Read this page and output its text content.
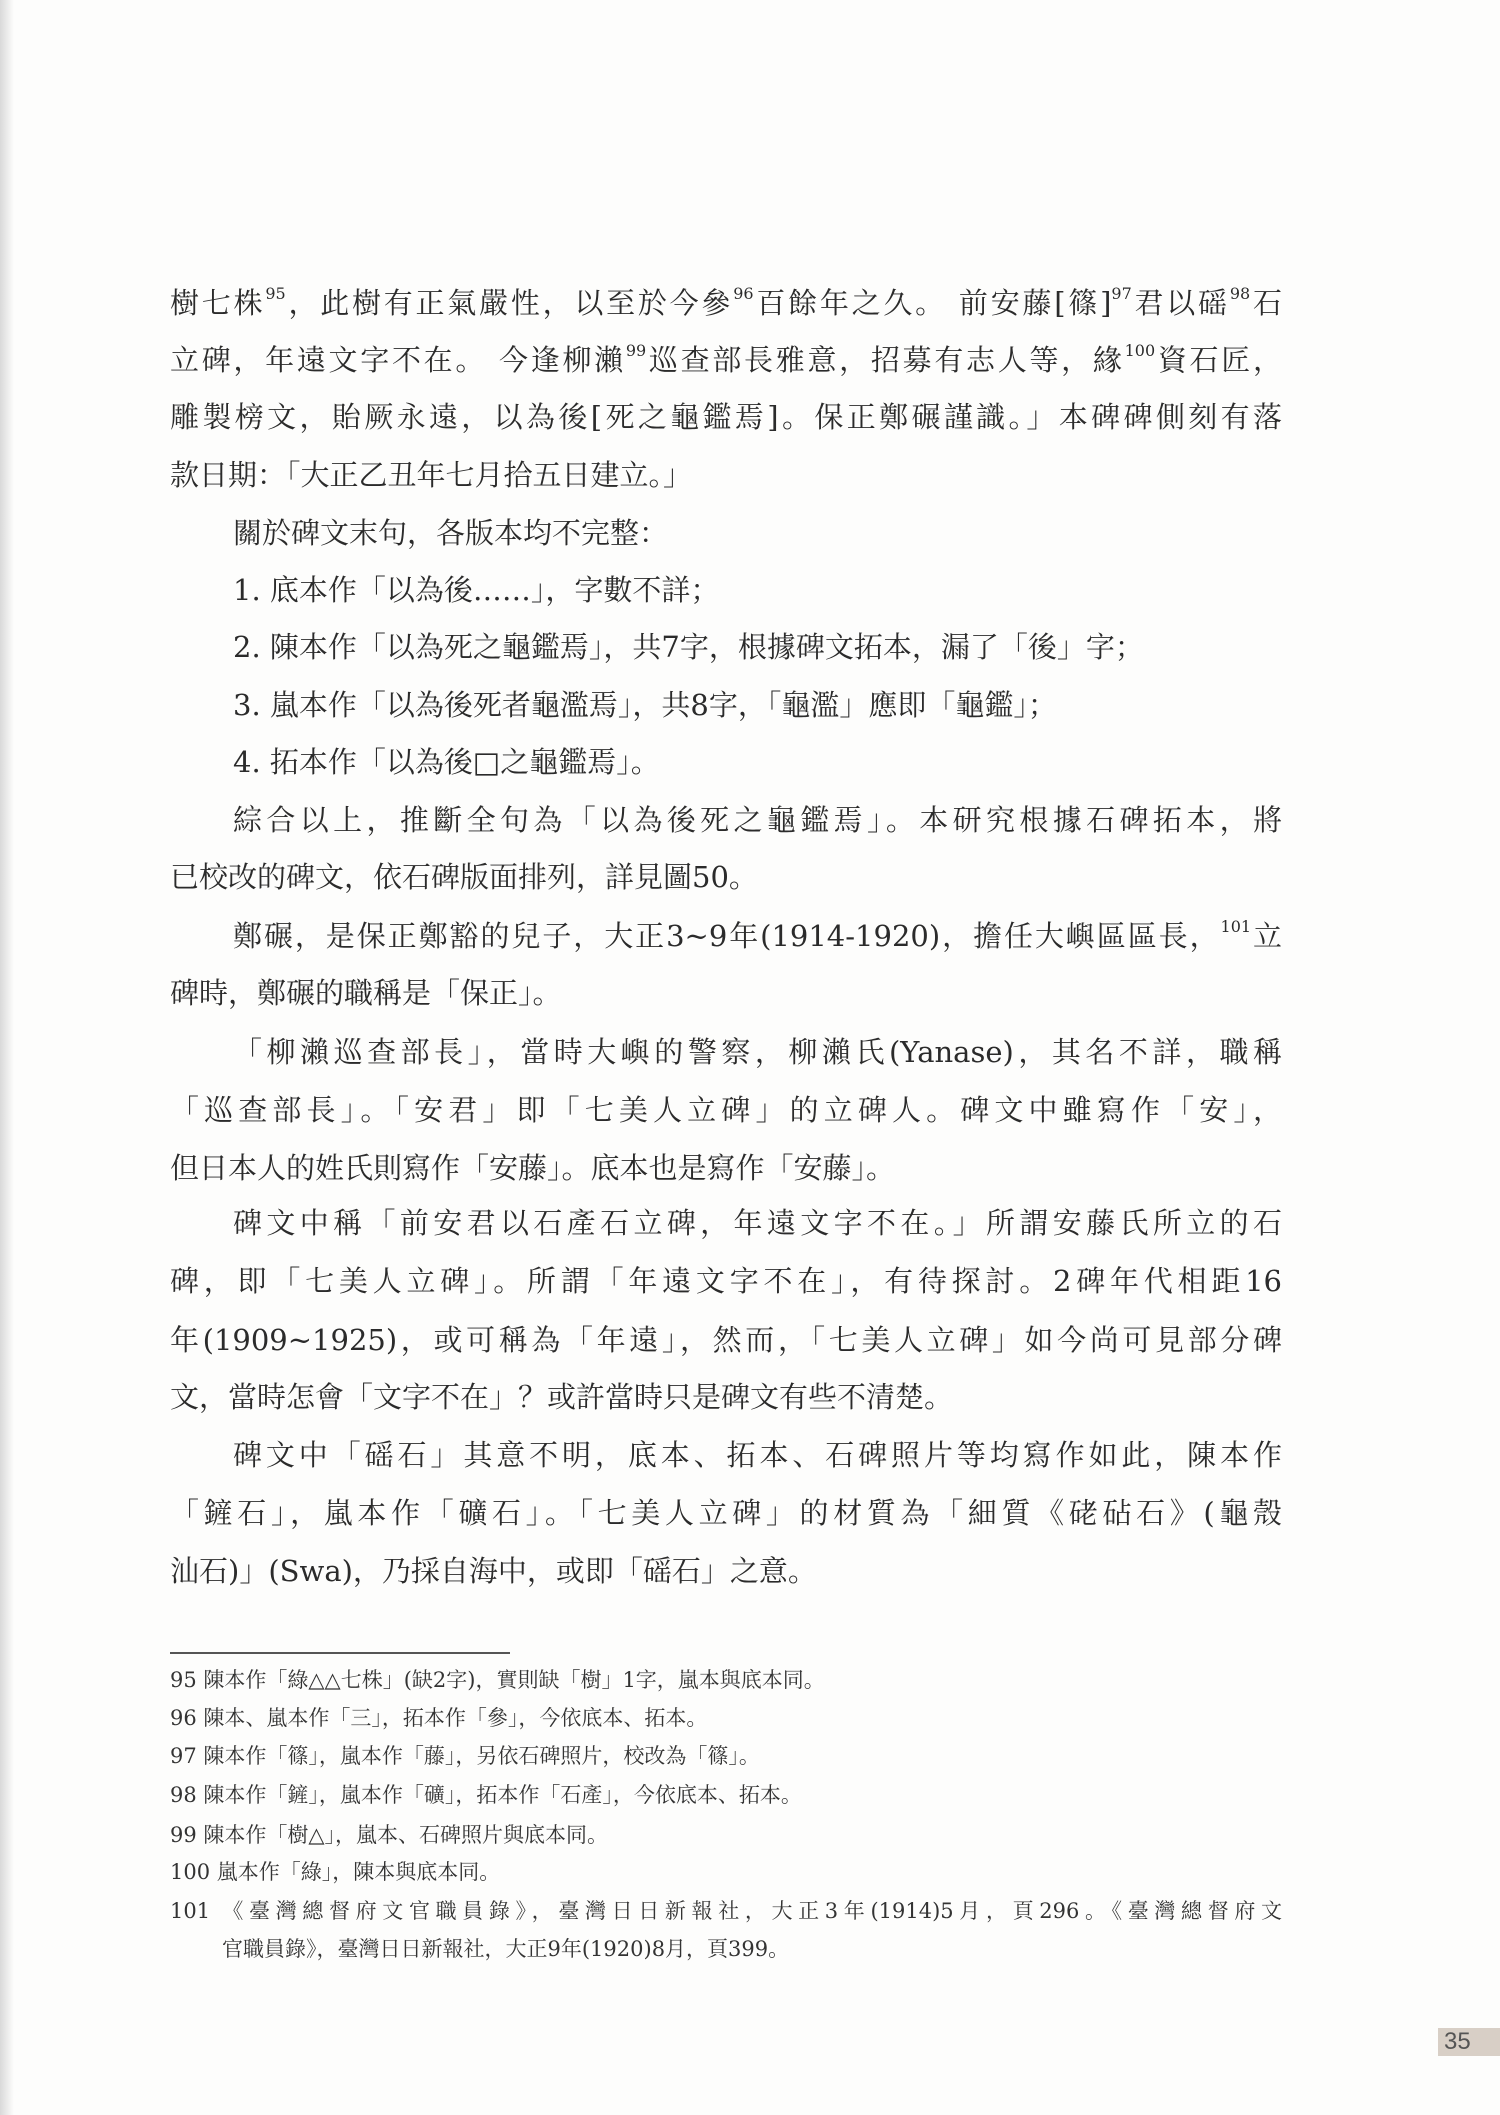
樹七株$^{95}$，此樹有正氣嚴性，以至於今參$^{96}$百餘年之久。 前安藤[篠]$^{97}$君以磘$^{98}$石
立碑，年遠文字不在。 今逢柳瀨$^{99}$巡查部長雅意，招募有志人等，緣$^{100}$資石匠，
雕製榜文，貽厥永遠，以為後[死之龜鑑焉]。保正鄭碾謹識。」本碑碑側刻有落
款日期：「大正乙丑年七月拾五日建立。」
關於碑文末句，各版本均不完整：
1. 底本作「以為後……」，字數不詳；
2. 陳本作「以為死之龜鑑焉」，共7字，根據碑文拓本，漏了「後」字；
3. 嵐本作「以為後死者龜濫焉」，共8字，「龜濫」應即「龜鑑」；
4. 拓本作「以為後□之龜鑑焉」。
綜合以上，推斷全句為「以為後死之龜鑑焉」。本研究根據石碑拓本，將
已校改的碑文，依石碑版面排列，詳見圖50。
鄭碾，是保正鄭豁的兒子，大正3~9年(1914-1920)，擔任大嶼區區長，$^{101}$立
碑時，鄭碾的職稱是「保正」。
「柳瀨巡查部長」，當時大嶼的警察，柳瀨氏(Yanase)，其名不詳，職稱
「巡查部長」。「安君」即「七美人立碑」的立碑人。碑文中雖寫作「安」，
但日本人的姓氏則寫作「安藤」。底本也是寫作「安藤」。
碑文中稱「前安君以石產石立碑，年遠文字不在。」所謂安藤氏所立的石
碑，即「七美人立碑」。所謂「年遠文字不在」，有待探討。2碑年代相距16
年(1909~1925)，或可稱為「年遠」，然而，「七美人立碑」如今尚可見部分碑
文，當時怎會「文字不在」？或許當時只是碑文有些不清楚。
碑文中「磘石」其意不明，底本、拓本、石碑照片等均寫作如此，陳本作
「鏟石」，嵐本作「礦石」。「七美人立碑」的材質為「細質《硓砧石》(龜殼
汕石)」(Swa)，乃採自海中，或即「磘石」之意。
95 陳本作「綠△△七株」(缺2字)，實則缺「樹」1字，嵐本與底本同。
96 陳本、嵐本作「三」，拓本作「參」，今依底本、拓本。
97 陳本作「篠」，嵐本作「藤」，另依石碑照片，校改為「篠」。
98 陳本作「鏟」，嵐本作「礦」，拓本作「石產」，今依底本、拓本。
99 陳本作「樹△」，嵐本、石碑照片與底本同。
100 嵐本作「綠」，陳本與底本同。
101 《臺灣總督府文官職員錄》，臺灣日日新報社，大正3年(1914)5月，頁296。《臺灣總督府文
官職員錄》，臺灣日日新報社，大正9年(1920)8月，頁399。
35
